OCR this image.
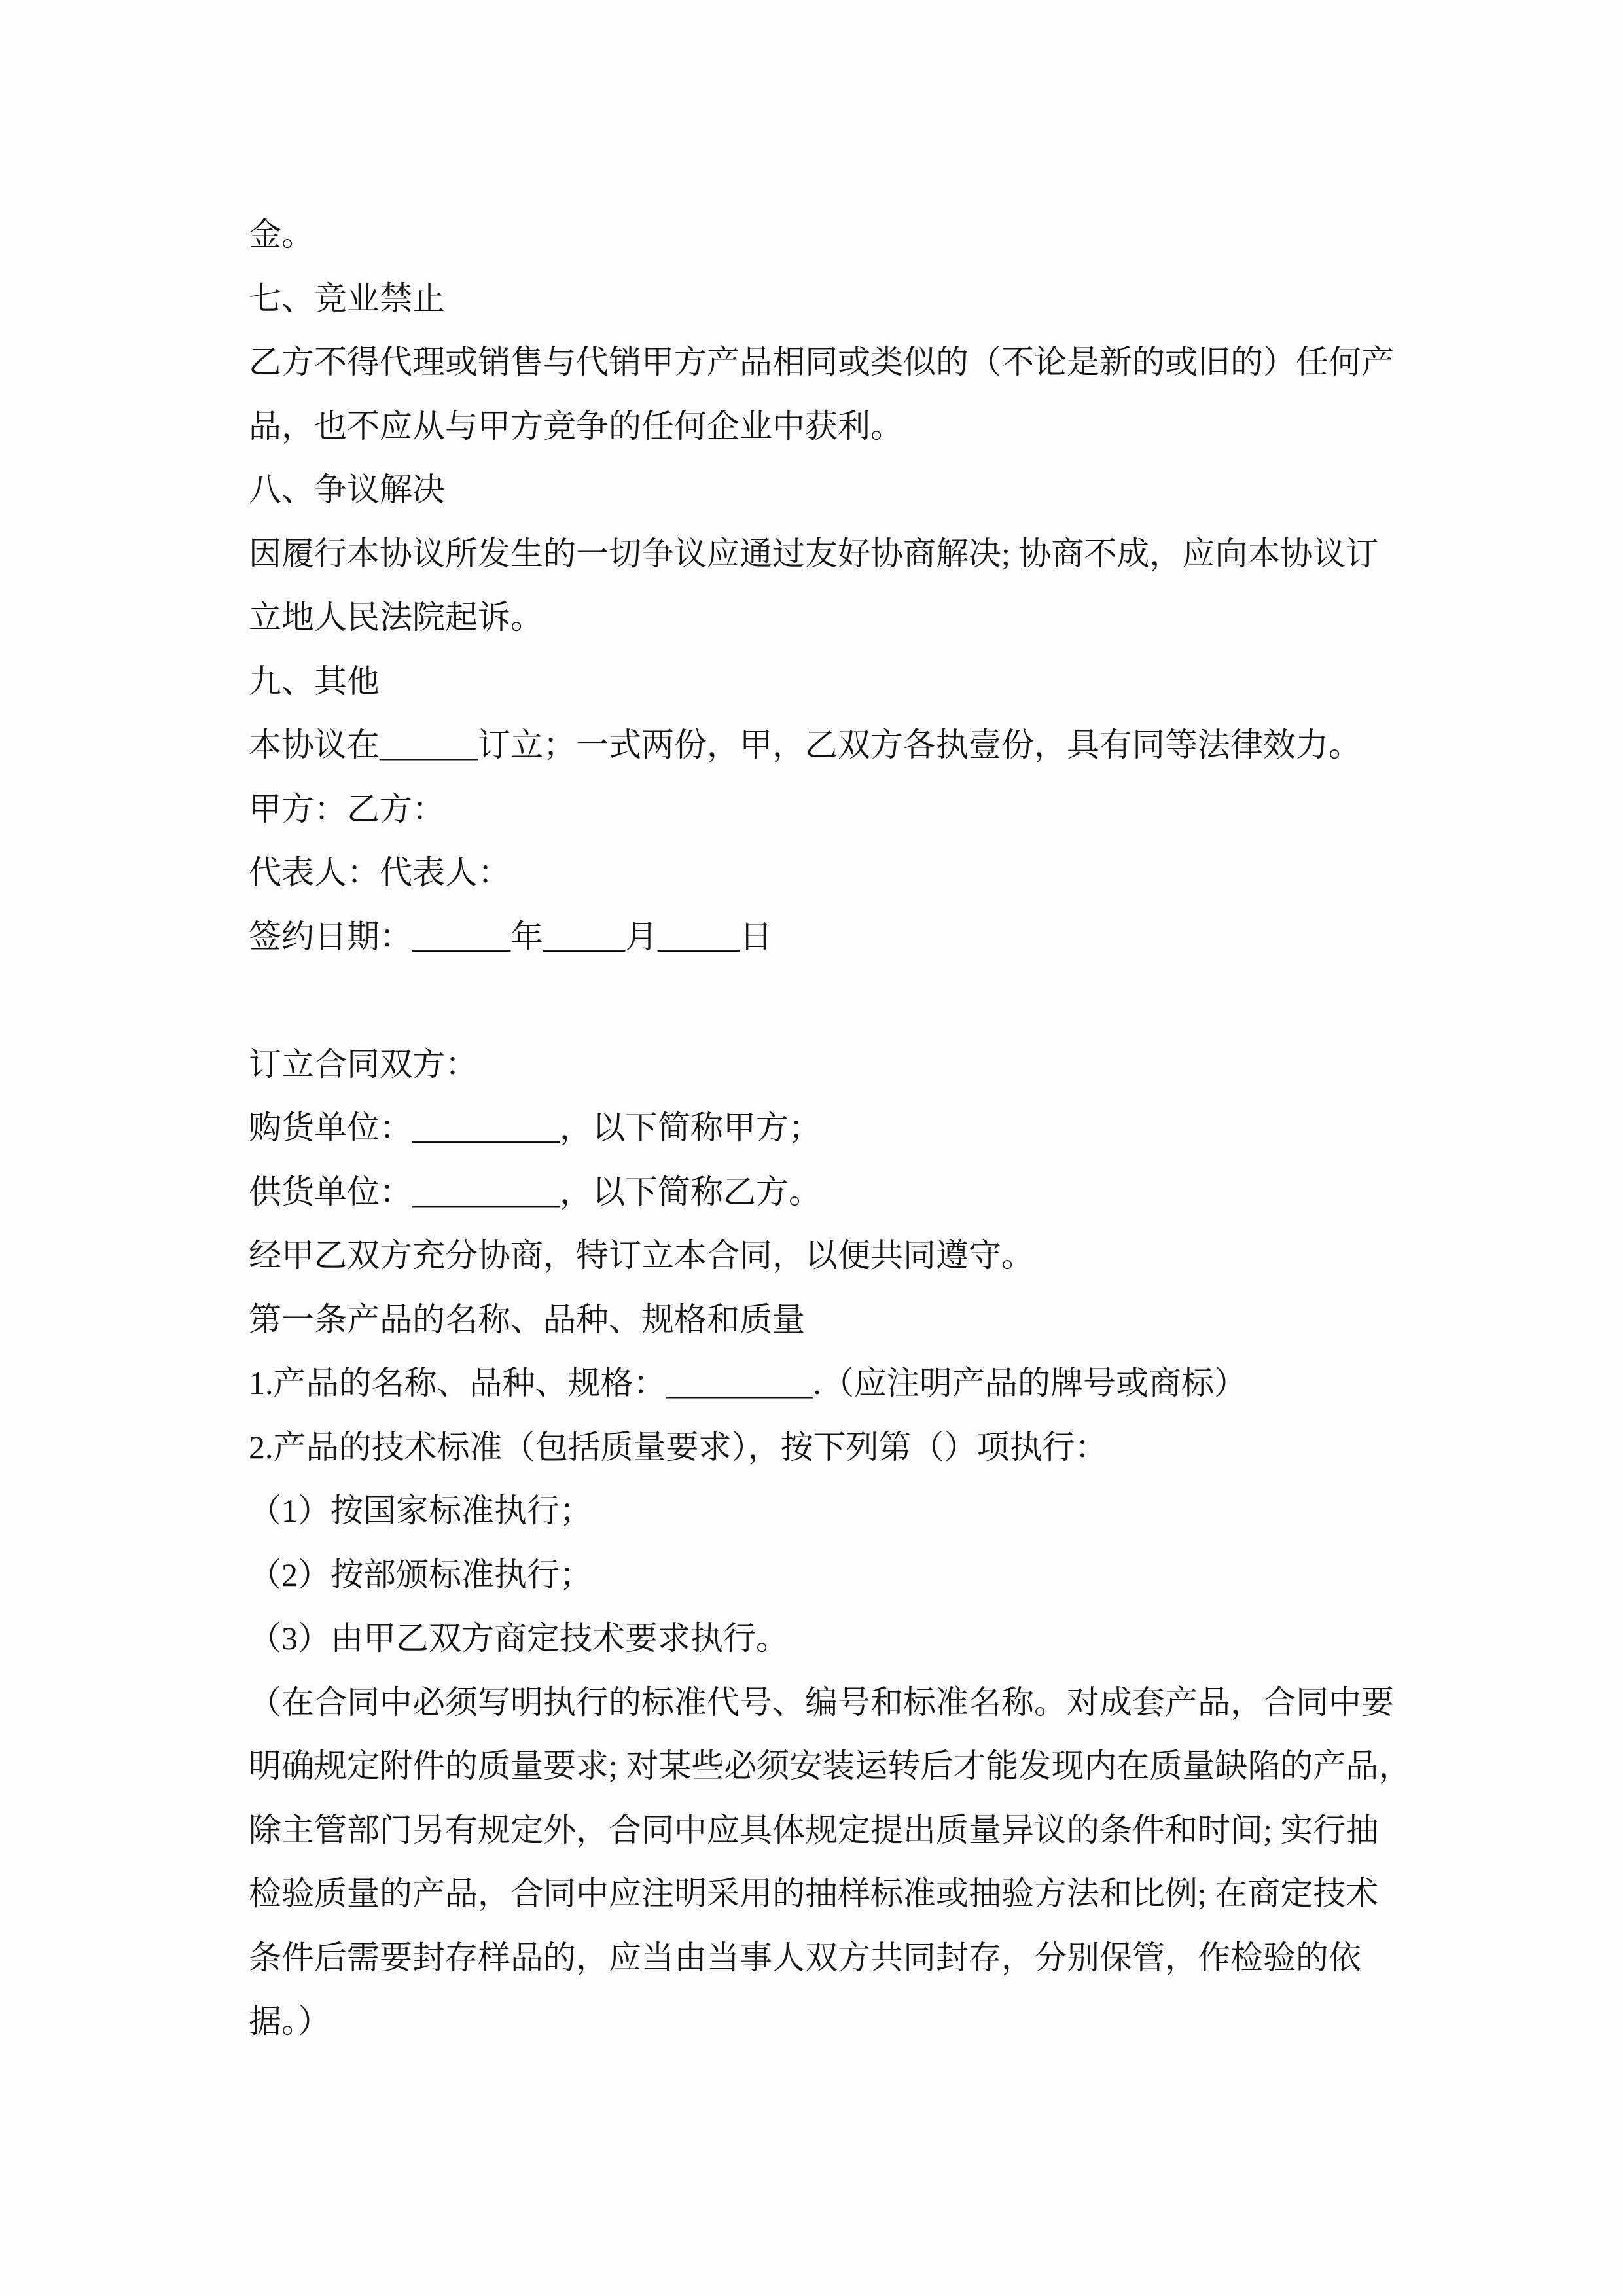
金。
七、竞业禁止
乙方不得代理或销售与代销甲方产品相同或类似的（不论是新的或旧的）任何产
品，也不应从与甲方竞争的任何企业中获利。
八、争议解决
因履行本协议所发生的一切争议应通过友好协商解决; 协商不成，应向本协议订
立地人民法院起诉。
九、其他
本协议在______订立；一式两份，甲，乙双方各执壹份，具有同等法律效力。
甲方：乙方：
代表人：代表人：
签约日期：______年_____月_____日
订立合同双方：
购货单位：_________，以下简称甲方；
供货单位：_________，以下简称乙方。
经甲乙双方充分协商，特订立本合同，以便共同遵守。
第一条产品的名称、品种、规格和质量
1.产品的名称、品种、规格：_________.（应注明产品的牌号或商标）
2.产品的技术标准（包括质量要求），按下列第（）项执行：
（1）按国家标准执行；
（2）按部颁标准执行；
（3）由甲乙双方商定技术要求执行。
（在合同中必须写明执行的标准代号、编号和标准名称。对成套产品，合同中要
明确规定附件的质量要求; 对某些必须安装运转后才能发现内在质量缺陷的产品，
除主管部门另有规定外，合同中应具体规定提出质量异议的条件和时间; 实行抽
检验质量的产品，合同中应注明采用的抽样标准或抽验方法和比例; 在商定技术
条件后需要封存样品的，应当由当事人双方共同封存，分别保管，作检验的依
据。）
